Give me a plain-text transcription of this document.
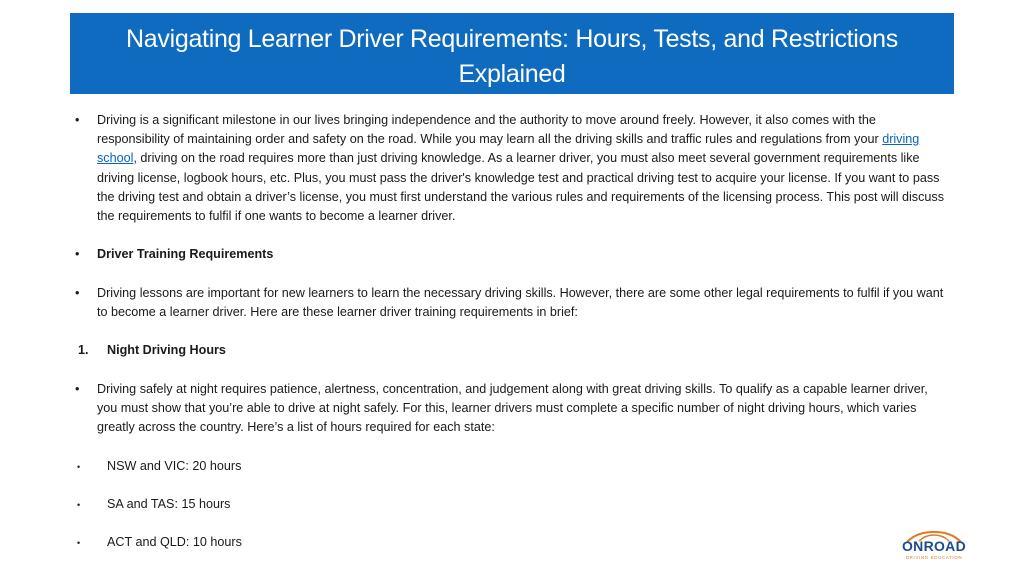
Navigating Learner Driver Requirements: Hours, Tests, and Restrictions Explained
• Driving is a significant milestone in our lives bringing independence and the authority to move around freely. However, it also comes with the responsibility of maintaining order and safety on the road. While you may learn all the driving skills and traffic rules and regulations from your driving school, driving on the road requires more than just driving knowledge. As a learner driver, you must also meet several government requirements like driving license, logbook hours, etc. Plus, you must pass the driver's knowledge test and practical driving test to acquire your license. If you want to pass the driving test and obtain a driver’s license, you must first understand the various rules and requirements of the licensing process. This post will discuss the requirements to fulfil if one wants to become a learner driver.
• Driver Training Requirements
• Driving lessons are important for new learners to learn the necessary driving skills. However, there are some other legal requirements to fulfil if you want to become a learner driver. Here are these learner driver training requirements in brief:
1. Night Driving Hours
• Driving safely at night requires patience, alertness, concentration, and judgement along with great driving skills. To qualify as a capable learner driver, you must show that you’re able to drive at night safely. For this, learner drivers must complete a specific number of night driving hours, which varies greatly across the country. Here’s a list of hours required for each state:
• NSW and VIC: 20 hours
• SA and TAS: 15 hours
• ACT and QLD: 10 hours	ONROAD
DRIVING EDUCATION
